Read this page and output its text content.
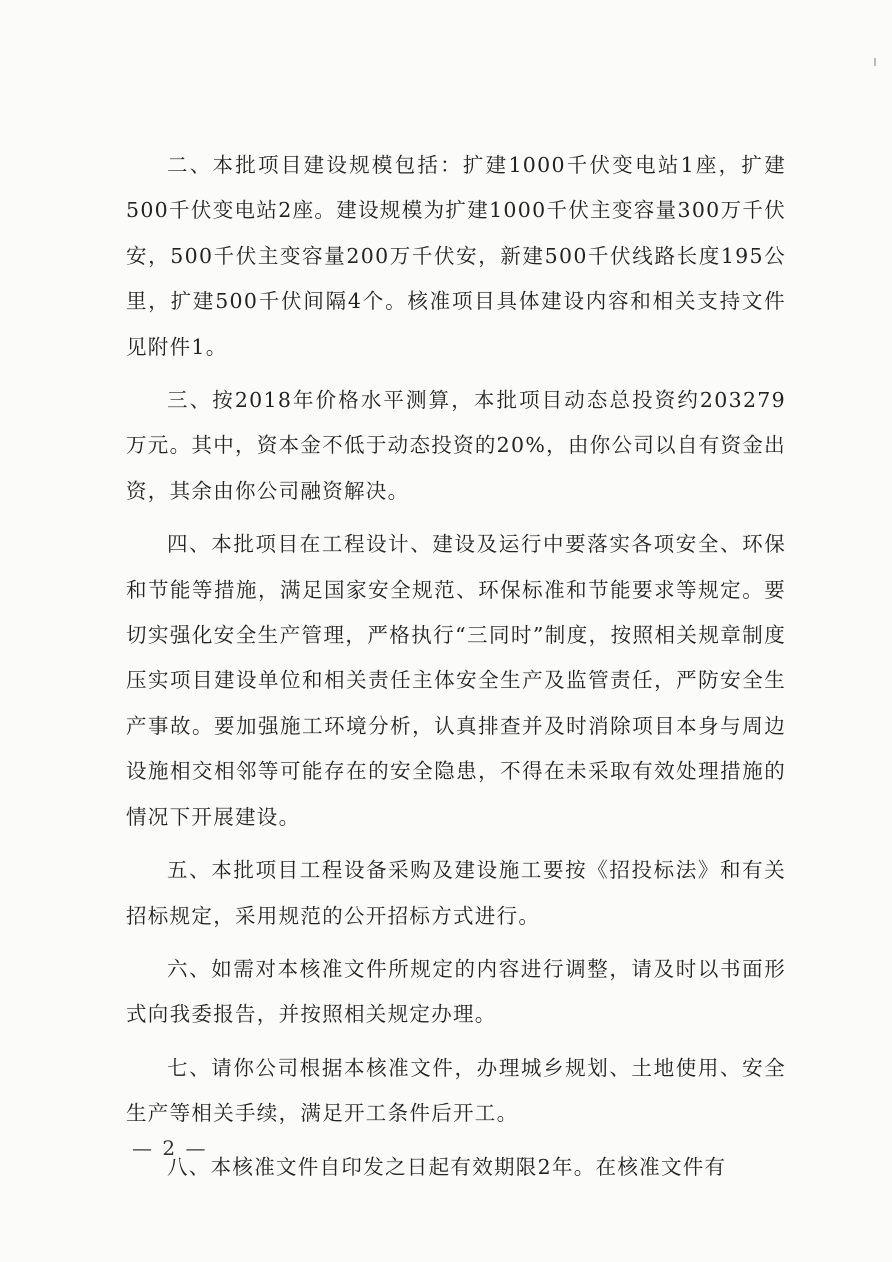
二、本批项目建设规模包括：扩建1000千伏变电站1座，扩建500千伏变电站2座。建设规模为扩建1000千伏主变容量300万千伏安，500千伏主变容量200万千伏安，新建500千伏线路长度195公里，扩建500千伏间隔4个。核准项目具体建设内容和相关支持文件见附件1。

三、按2018年价格水平测算，本批项目动态总投资约203279万元。其中，资本金不低于动态投资的20%，由你公司以自有资金出资，其余由你公司融资解决。

四、本批项目在工程设计、建设及运行中要落实各项安全、环保和节能等措施，满足国家安全规范、环保标准和节能要求等规定。要切实强化安全生产管理，严格执行“三同时”制度，按照相关规章制度压实项目建设单位和相关责任主体安全生产及监管责任，严防安全生产事故。要加强施工环境分析，认真排查并及时消除项目本身与周边设施相交相邻等可能存在的安全隐患，不得在未采取有效处理措施的情况下开展建设。

五、本批项目工程设备采购及建设施工要按《招投标法》和有关招标规定，采用规范的公开招标方式进行。

六、如需对本核准文件所规定的内容进行调整，请及时以书面形式向我委报告，并按照相关规定办理。

七、请你公司根据本核准文件，办理城乡规划、土地使用、安全生产等相关手续，满足开工条件后开工。

八、本核准文件自印发之日起有效期限2年。在核准文件有

— 2 —
